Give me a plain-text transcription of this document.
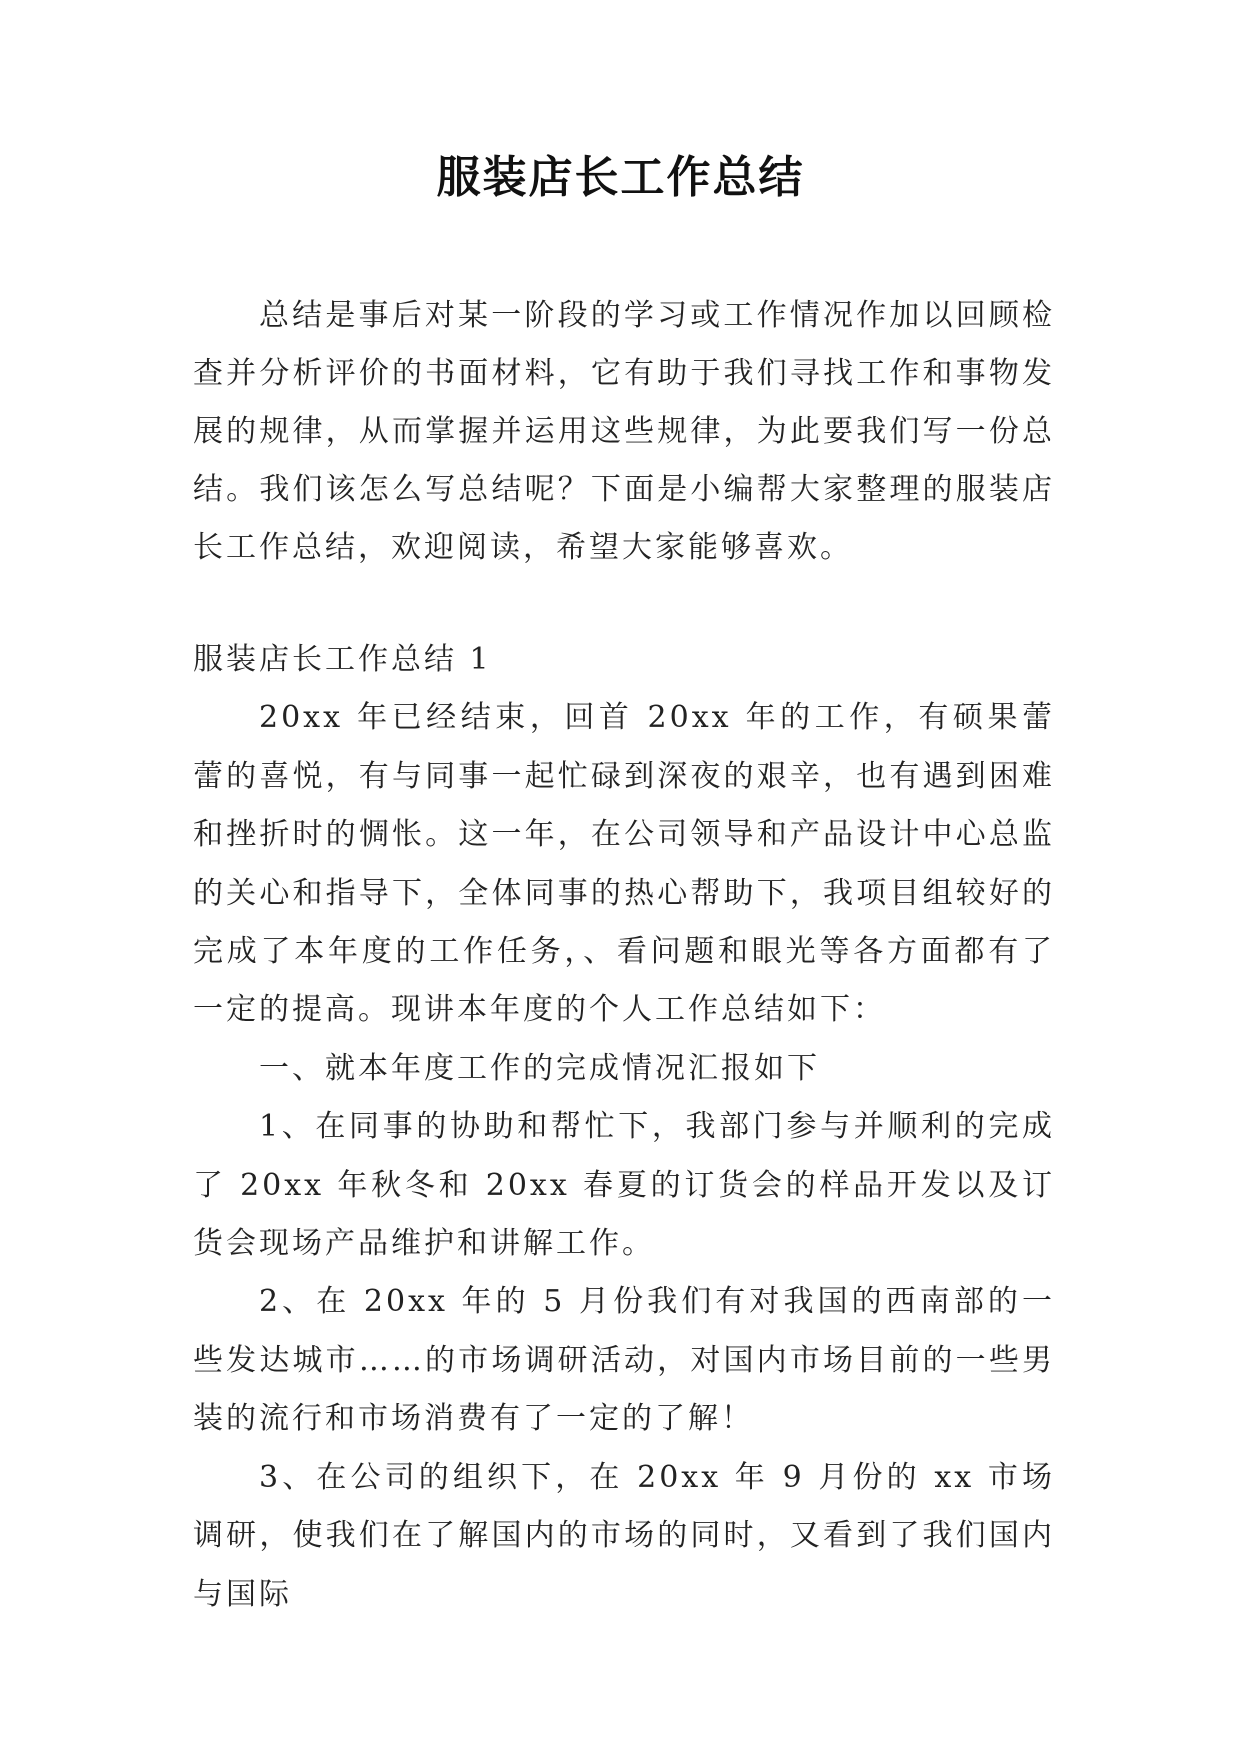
服装店长工作总结

总结是事后对某一阶段的学习或工作情况作加以回顾检查并分析评价的书面材料，它有助于我们寻找工作和事物发展的规律，从而掌握并运用这些规律，为此要我们写一份总结。我们该怎么写总结呢？下面是小编帮大家整理的服装店长工作总结，欢迎阅读，希望大家能够喜欢。

服装店长工作总结 1

20xx 年已经结束，回首 20xx 年的工作，有硕果蕾蕾的喜悦，有与同事一起忙碌到深夜的艰辛，也有遇到困难和挫折时的惆怅。这一年，在公司领导和产品设计中心总监的关心和指导下，全体同事的热心帮助下，我项目组较好的完成了本年度的工作任务，、看问题和眼光等各方面都有了一定的提高。现讲本年度的个人工作总结如下：

一、就本年度工作的完成情况汇报如下

1、在同事的协助和帮忙下，我部门参与并顺利的完成了 20xx 年秋冬和 20xx 春夏的订货会的样品开发以及订货会现场产品维护和讲解工作。

2、在 20xx 年的 5 月份我们有对我国的西南部的一些发达城市……的市场调研活动，对国内市场目前的一些男装的流行和市场消费有了一定的了解！

3、在公司的组织下，在 20xx 年 9 月份的 xx 市场调研，使我们在了解国内的市场的同时，又看到了我们国内与国际
